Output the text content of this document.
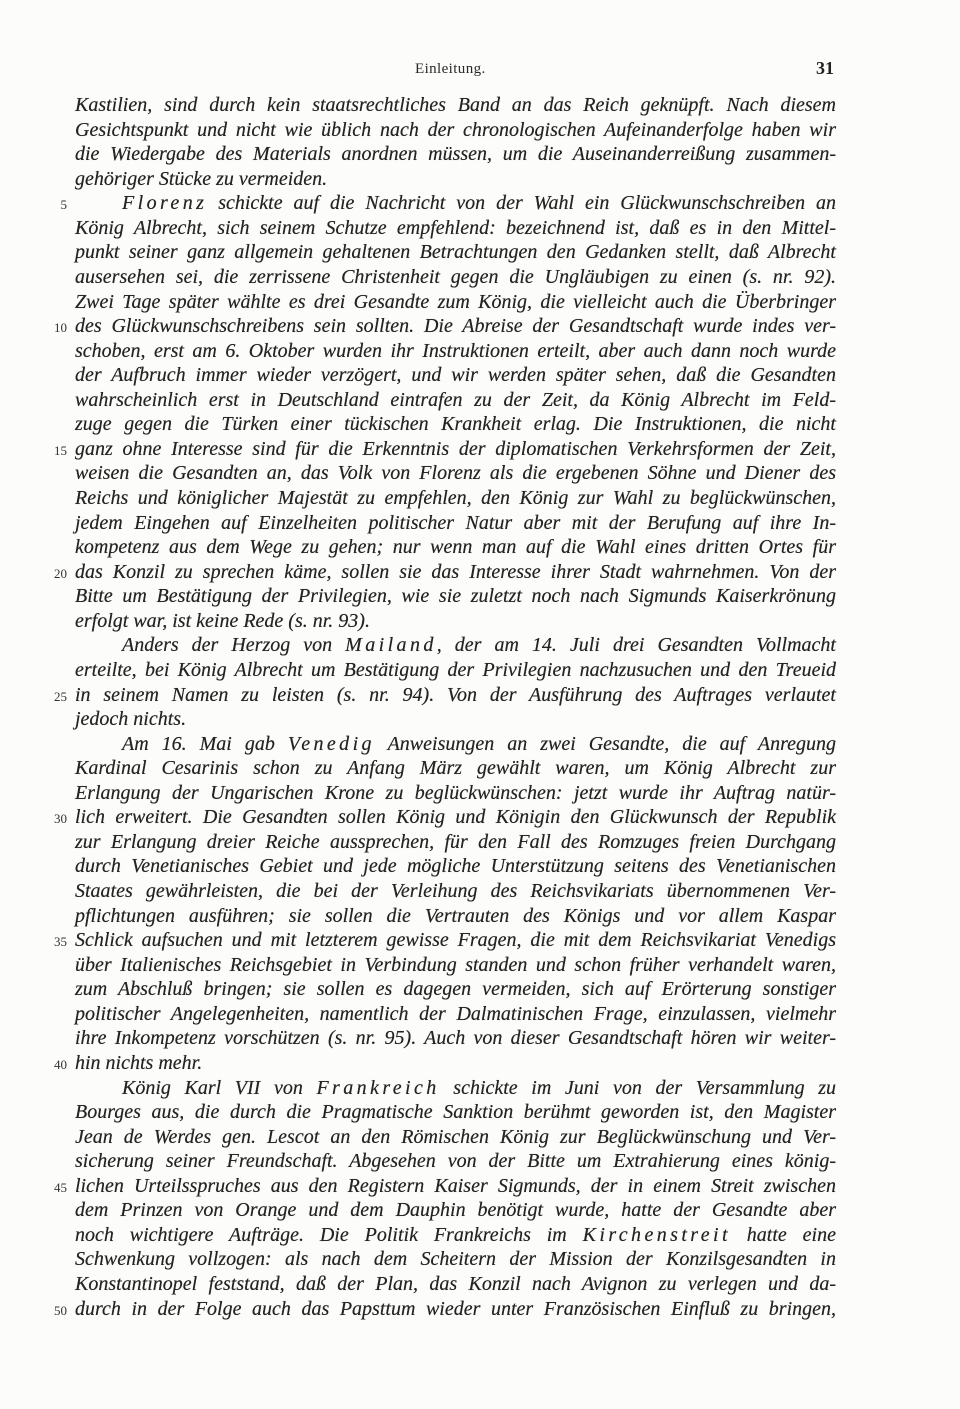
Einleitung.	31
Kastilien, sind durch kein staatsrechtliches Band an das Reich geknüpft. Nach diesem
Gesichtspunkt und nicht wie üblich nach der chronologischen Aufeinanderfolge haben wir
die Wiedergabe des Materials anordnen müssen, um die Auseinanderreißung zusammen-
gehöriger Stücke zu vermeiden.
5	Florenz schickte auf die Nachricht von der Wahl ein Glückwunschschreiben an
König Albrecht, sich seinem Schutze empfehlend: bezeichnend ist, daß es in den Mittel-
punkt seiner ganz allgemein gehaltenen Betrachtungen den Gedanken stellt, daß Albrecht
ausersehen sei, die zerrissene Christenheit gegen die Ungläubigen zu einen (s. nr. 92).
Zwei Tage später wählte es drei Gesandte zum König, die vielleicht auch die Überbringer
10 des Glückwunschschreibens sein sollten. Die Abreise der Gesandtschaft wurde indes ver-
schoben, erst am 6. Oktober wurden ihr Instruktionen erteilt, aber auch dann noch wurde
der Aufbruch immer wieder verzögert, und wir werden später sehen, daß die Gesandten
wahrscheinlich erst in Deutschland eintrafen zu der Zeit, da König Albrecht im Feld-
zuge gegen die Türken einer tückischen Krankheit erlag. Die Instruktionen, die nicht
15 ganz ohne Interesse sind für die Erkenntnis der diplomatischen Verkehrsformen der Zeit,
weisen die Gesandten an, das Volk von Florenz als die ergebenen Söhne und Diener des
Reichs und königlicher Majestät zu empfehlen, den König zur Wahl zu beglückwünschen,
jedem Eingehen auf Einzelheiten politischer Natur aber mit der Berufung auf ihre In-
kompetenz aus dem Wege zu gehen; nur wenn man auf die Wahl eines dritten Ortes für
20 das Konzil zu sprechen käme, sollen sie das Interesse ihrer Stadt wahrnehmen. Von der
Bitte um Bestätigung der Privilegien, wie sie zuletzt noch nach Sigmunds Kaiserkrönung
erfolgt war, ist keine Rede (s. nr. 93).
Anders der Herzog von Mailand, der am 14. Juli drei Gesandten Vollmacht
erteilte, bei König Albrecht um Bestätigung der Privilegien nachzusuchen und den Treueid
25 in seinem Namen zu leisten (s. nr. 94). Von der Ausführung des Auftrages verlautet
jedoch nichts.
Am 16. Mai gab Venedig Anweisungen an zwei Gesandte, die auf Anregung
Kardinal Cesarinis schon zu Anfang März gewählt waren, um König Albrecht zur
Erlangung der Ungarischen Krone zu beglückwünschen: jetzt wurde ihr Auftrag natür-
30 lich erweitert. Die Gesandten sollen König und Königin den Glückwunsch der Republik
zur Erlangung dreier Reiche aussprechen, für den Fall des Romzuges freien Durchgang
durch Venetianisches Gebiet und jede mögliche Unterstützung seitens des Venetianischen
Staates gewährleisten, die bei der Verleihung des Reichsvikariats übernommenen Ver-
pflichtungen ausführen; sie sollen die Vertrauten des Königs und vor allem Kaspar
35 Schlick aufsuchen und mit letzterem gewisse Fragen, die mit dem Reichsvikariat Venedigs
über Italienisches Reichsgebiet in Verbindung standen und schon früher verhandelt waren,
zum Abschluß bringen; sie sollen es dagegen vermeiden, sich auf Erörterung sonstiger
politischer Angelegenheiten, namentlich der Dalmatinischen Frage, einzulassen, vielmehr
ihre Inkompetenz vorschützen (s. nr. 95). Auch von dieser Gesandtschaft hören wir weiter-
40 hin nichts mehr.
König Karl VII von Frankreich schickte im Juni von der Versammlung zu
Bourges aus, die durch die Pragmatische Sanktion berühmt geworden ist, den Magister
Jean de Werdes gen. Lescot an den Römischen König zur Beglückwünschung und Ver-
sicherung seiner Freundschaft. Abgesehen von der Bitte um Extrahierung eines könig-
45 lichen Urteilsspruches aus den Registern Kaiser Sigmunds, der in einem Streit zwischen
dem Prinzen von Orange und dem Dauphin benötigt wurde, hatte der Gesandte aber
noch wichtigere Aufträge. Die Politik Frankreichs im Kirchenstreit hatte eine
Schwenkung vollzogen: als nach dem Scheitern der Mission der Konzilsgesandten in
Konstantinopel feststand, daß der Plan, das Konzil nach Avignon zu verlegen und da-
50 durch in der Folge auch das Papsttum wieder unter Französischen Einfluß zu bringen,
